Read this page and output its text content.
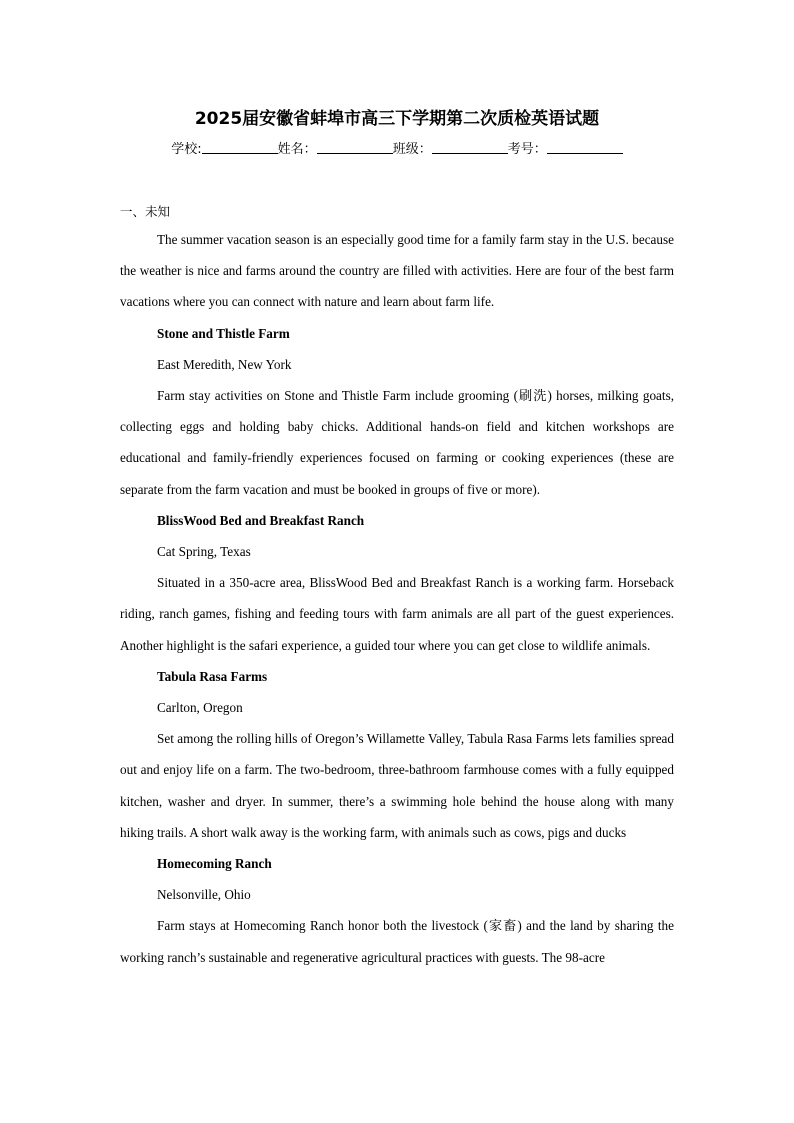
2025届安徽省蚌埠市高三下学期第二次质检英语试题
学校:	姓名：	班级：	考号：

一、未知

The summer vacation season is an especially good time for a family farm stay in the U.S. because the weather is nice and farms around the country are filled with activities. Here are four of the best farm vacations where you can connect with nature and learn about farm life.

Stone and Thistle Farm

East Meredith, New York

Farm stay activities on Stone and Thistle Farm include grooming (刷洗) horses, milking goats, collecting eggs and holding baby chicks. Additional hands-on field and kitchen workshops are educational and family-friendly experiences focused on farming or cooking experiences (these are separate from the farm vacation and must be booked in groups of five or more).

BlissWood Bed and Breakfast Ranch

Cat Spring, Texas

Situated in a 350-acre area, BlissWood Bed and Breakfast Ranch is a working farm. Horseback riding, ranch games, fishing and feeding tours with farm animals are all part of the guest experiences. Another highlight is the safari experience, a guided tour where you can get close to wildlife animals.

Tabula Rasa Farms

Carlton, Oregon

Set among the rolling hills of Oregon’s Willamette Valley, Tabula Rasa Farms lets families spread out and enjoy life on a farm. The two-bedroom, three-bathroom farmhouse comes with a fully equipped kitchen, washer and dryer. In summer, there’s a swimming hole behind the house along with many hiking trails. A short walk away is the working farm, with animals such as cows, pigs and ducks

Homecoming Ranch

Nelsonville, Ohio

Farm stays at Homecoming Ranch honor both the livestock (家畜) and the land by sharing the working ranch’s sustainable and regenerative agricultural practices with guests. The 98-acre
